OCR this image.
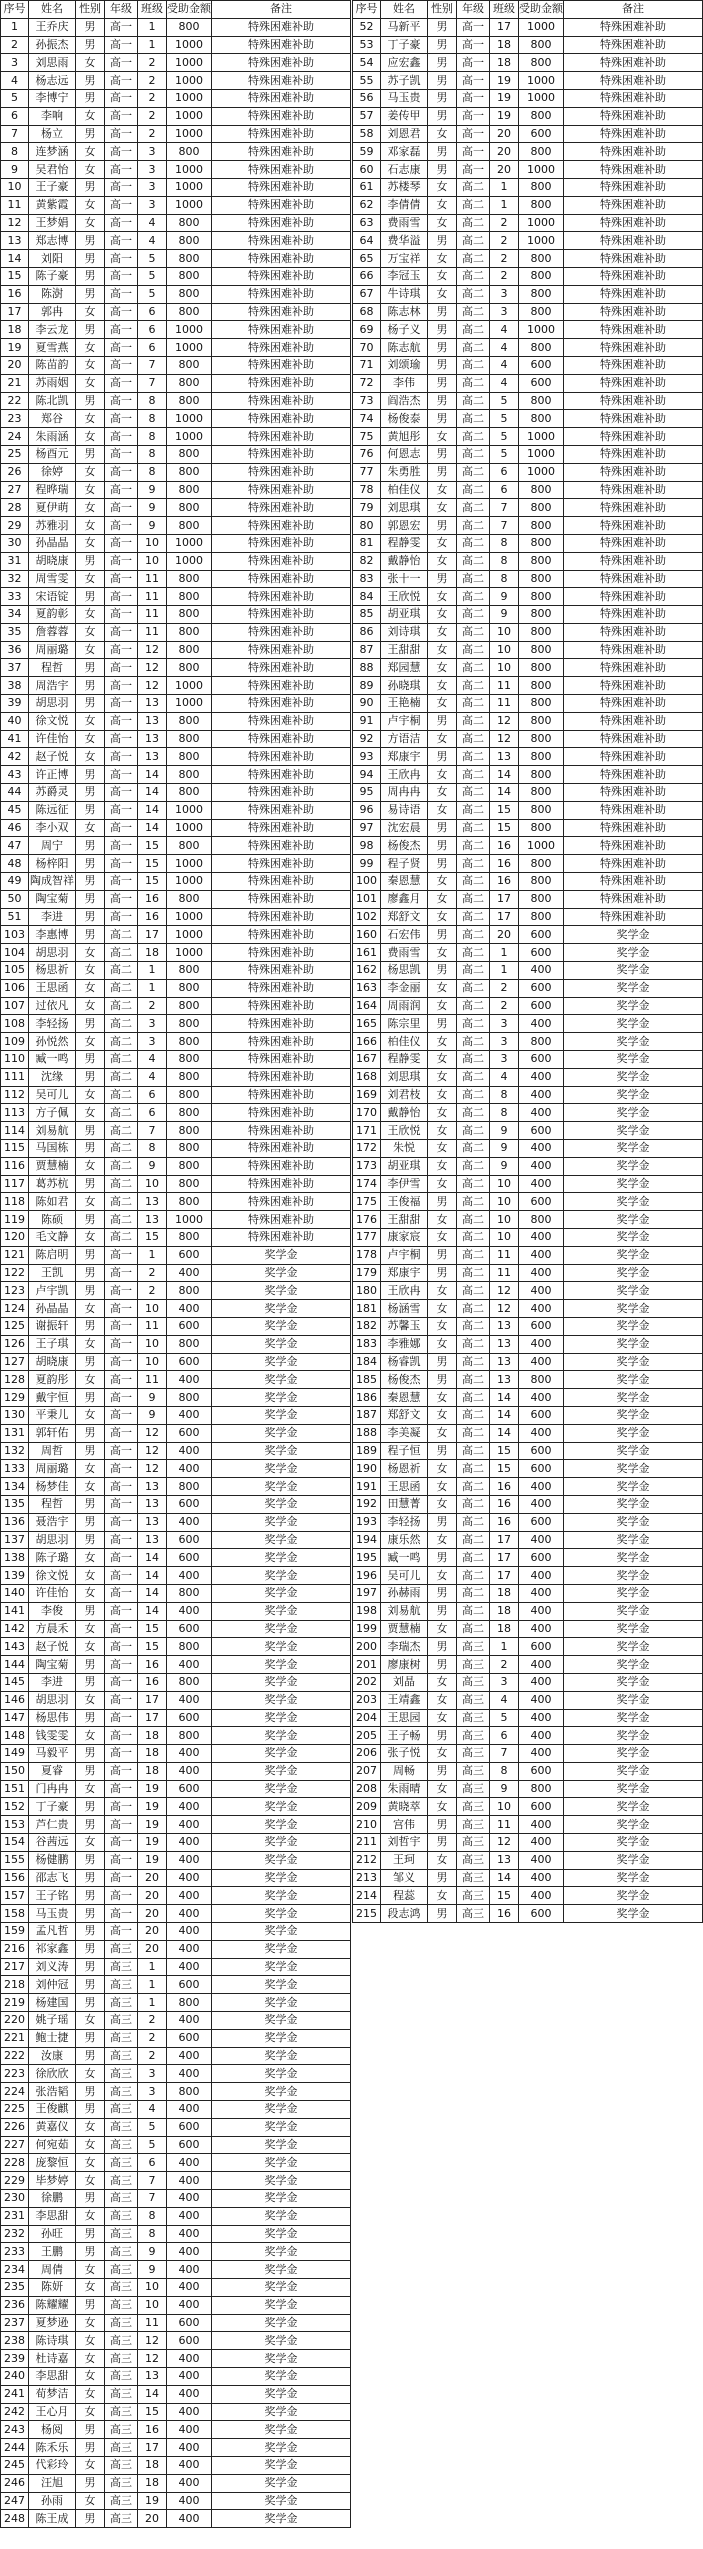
序号	姓名	性别	年级	班级	受助金额	备注
1	王乔庆	男	高一	1	800	特殊困难补助
2	孙振杰	男	高一	1	1000	特殊困难补助
3	刘思雨	女	高一	2	1000	特殊困难补助
4	杨志远	男	高一	2	1000	特殊困难补助
5	李博宁	男	高一	2	1000	特殊困难补助
6	李响	女	高一	2	1000	特殊困难补助
7	杨立	男	高一	2	1000	特殊困难补助
8	连梦涵	女	高一	3	800	特殊困难补助
9	吴君怡	女	高一	3	1000	特殊困难补助
10	王子豪	男	高一	3	1000	特殊困难补助
11	黄紫霞	女	高一	3	1000	特殊困难补助
12	王梦娟	女	高一	4	800	特殊困难补助
13	郑志博	男	高一	4	800	特殊困难补助
14	刘阳	男	高一	5	800	特殊困难补助
15	陈子豪	男	高一	5	800	特殊困难补助
16	陈澍	男	高一	5	800	特殊困难补助
17	郭冉	女	高一	6	800	特殊困难补助
18	李云龙	男	高一	6	1000	特殊困难补助
19	夏雪燕	女	高一	6	1000	特殊困难补助
20	陈苗韵	女	高一	7	800	特殊困难补助
21	苏雨姻	女	高一	7	800	特殊困难补助
22	陈北凯	男	高一	8	800	特殊困难补助
23	郑谷	女	高一	8	1000	特殊困难补助
24	朱雨涵	女	高一	8	1000	特殊困难补助
25	杨酉元	男	高一	8	800	特殊困难补助
26	徐婷	女	高一	8	800	特殊困难补助
27	程晔瑞	女	高一	9	800	特殊困难补助
28	夏伊萌	女	高一	9	800	特殊困难补助
29	苏雅羽	女	高一	9	800	特殊困难补助
30	孙晶晶	女	高一	10	1000	特殊困难补助
31	胡晓康	男	高一	10	1000	特殊困难补助
32	周雪雯	女	高一	11	800	特殊困难补助
33	宋语锭	男	高一	11	800	特殊困难补助
34	夏韵彰	女	高一	11	800	特殊困难补助
35	詹蓉蓉	女	高一	11	800	特殊困难补助
36	周丽璐	女	高一	12	800	特殊困难补助
37	程哲	男	高一	12	800	特殊困难补助
38	周浩宇	男	高一	12	1000	特殊困难补助
39	胡思羽	男	高一	13	1000	特殊困难补助
40	徐文悦	女	高一	13	800	特殊困难补助
41	许佳怡	女	高一	13	800	特殊困难补助
42	赵子悦	女	高一	13	800	特殊困难补助
43	许正博	男	高一	14	800	特殊困难补助
44	苏爵灵	男	高一	14	800	特殊困难补助
45	陈远征	男	高一	14	1000	特殊困难补助
46	李小双	女	高一	14	1000	特殊困难补助
47	周宁	男	高一	15	800	特殊困难补助
48	杨梓阳	男	高一	15	1000	特殊困难补助
49	陶成智祥	男	高一	15	1000	特殊困难补助
50	陶宝菊	男	高一	16	800	特殊困难补助
51	李进	男	高一	16	1000	特殊困难补助
103	李惠博	男	高二	17	1000	特殊困难补助
104	胡思羽	女	高二	18	1000	特殊困难补助
105	杨思祈	女	高二	1	800	特殊困难补助
106	王思函	女	高二	1	800	特殊困难补助
107	过依凡	女	高二	2	800	特殊困难补助
108	李轻扬	男	高二	3	800	特殊困难补助
109	孙悦然	女	高二	3	800	特殊困难补助
110	臧一鸣	男	高二	4	800	特殊困难补助
111	沈缘	男	高二	4	800	特殊困难补助
112	吴可儿	女	高二	6	800	特殊困难补助
113	方子佩	女	高二	6	800	特殊困难补助
114	刘易航	男	高二	7	800	特殊困难补助
115	马国栋	男	高二	8	800	特殊困难补助
116	贾慧楠	女	高二	9	800	特殊困难补助
117	葛苏杭	男	高二	10	800	特殊困难补助
118	陈如君	女	高二	13	800	特殊困难补助
119	陈硕	男	高二	13	1000	特殊困难补助
120	毛文静	女	高二	15	800	特殊困难补助
121	陈启明	男	高一	1	600	奖学金
122	王凯	男	高一	2	400	奖学金
123	卢宇凯	男	高一	2	800	奖学金
124	孙晶晶	女	高一	10	400	奖学金
125	谢振轩	男	高一	11	600	奖学金
126	王子琪	女	高一	10	800	奖学金
127	胡晓康	男	高一	10	600	奖学金
128	夏韵彤	女	高一	11	400	奖学金
129	戴宇恒	男	高一	9	800	奖学金
130	平秉儿	女	高一	9	400	奖学金
131	郭轩佑	男	高一	12	600	奖学金
132	周哲	男	高一	12	400	奖学金
133	周丽璐	女	高一	12	400	奖学金
134	杨梦佳	女	高一	13	800	奖学金
135	程哲	男	高一	13	600	奖学金
136	聂浩宇	男	高一	13	400	奖学金
137	胡思羽	男	高一	13	600	奖学金
138	陈子璐	女	高一	14	600	奖学金
139	徐文悦	女	高一	14	400	奖学金
140	许佳怡	女	高一	14	800	奖学金
141	李俊	男	高一	14	400	奖学金
142	方晨禾	女	高一	15	600	奖学金
143	赵子悦	女	高一	15	800	奖学金
144	陶宝菊	男	高一	16	400	奖学金
145	李进	男	高一	16	800	奖学金
146	胡思羽	女	高一	17	400	奖学金
147	杨思伟	男	高一	17	600	奖学金
148	钱雯雯	女	高一	18	800	奖学金
149	马毅平	男	高一	18	400	奖学金
150	夏睿	男	高一	18	400	奖学金
151	门冉冉	女	高一	19	600	奖学金
152	丁子豪	男	高一	19	400	奖学金
153	芦仁贵	男	高一	19	400	奖学金
154	谷茜远	女	高一	19	400	奖学金
155	杨健鹏	男	高一	19	400	奖学金
156	邵志飞	男	高一	20	400	奖学金
157	王子铭	男	高一	20	400	奖学金
158	马玉贵	男	高一	20	400	奖学金
159	孟凡哲	男	高一	20	400	奖学金
216	祁家鑫	男	高三	20	400	奖学金
217	刘义涛	男	高三	1	400	奖学金
218	刘仲冠	男	高三	1	600	奖学金
219	杨建国	男	高三	1	800	奖学金
220	姚子瑶	女	高三	2	400	奖学金
221	鲍士捷	男	高三	2	600	奖学金
222	汝康	男	高三	2	400	奖学金
223	徐欣欣	女	高三	3	400	奖学金
224	张浩韬	男	高三	3	800	奖学金
225	王俊麒	男	高三	4	400	奖学金
226	黄嘉仪	女	高三	5	600	奖学金
227	何宛茹	女	高三	5	600	奖学金
228	庞黎恒	女	高三	6	400	奖学金
229	毕梦婷	女	高三	7	400	奖学金
230	徐鹏	男	高三	7	400	奖学金
231	李思甜	女	高三	8	400	奖学金
232	孙旺	男	高三	8	400	奖学金
233	王鹏	男	高三	9	400	奖学金
234	周倩	女	高三	9	400	奖学金
235	陈妍	女	高三	10	400	奖学金
236	陈耀耀	男	高三	10	400	奖学金
237	夏梦逊	女	高三	11	600	奖学金
238	陈诗琪	女	高三	12	600	奖学金
239	杜诗嘉	女	高三	12	400	奖学金
240	李思甜	女	高三	13	400	奖学金
241	荀梦洁	女	高三	14	400	奖学金
242	王心月	女	高三	15	400	奖学金
243	杨阅	男	高三	16	400	奖学金
244	陈禾乐	男	高三	17	400	奖学金
245	代彩玲	女	高三	18	400	奖学金
246	汪旭	男	高三	18	400	奖学金
247	孙雨	女	高三	19	400	奖学金
248	陈王成	男	高三	20	400	奖学金
序号	姓名	性别	年级	班级	受助金额	备注
52	马新平	男	高一	17	1000	特殊困难补助
53	丁子豪	男	高一	18	800	特殊困难补助
54	应宏鑫	男	高一	18	800	特殊困难补助
55	苏子凯	男	高一	19	1000	特殊困难补助
56	马玉贵	男	高一	19	1000	特殊困难补助
57	姜传甲	男	高一	19	800	特殊困难补助
58	刘恩君	女	高一	20	600	特殊困难补助
59	邓家磊	男	高一	20	800	特殊困难补助
60	石志康	男	高一	20	1000	特殊困难补助
61	苏楼琴	女	高二	1	800	特殊困难补助
62	李倩倩	女	高二	1	800	特殊困难补助
63	费雨雪	女	高二	2	1000	特殊困难补助
64	费华溢	男	高二	2	1000	特殊困难补助
65	万宝祥	女	高二	2	800	特殊困难补助
66	李冠玉	女	高二	2	800	特殊困难补助
67	牛诗琪	女	高二	3	800	特殊困难补助
68	陈志林	男	高二	3	800	特殊困难补助
69	杨子义	男	高二	4	1000	特殊困难补助
70	陈志航	男	高二	4	800	特殊困难补助
71	刘颂瑜	男	高二	4	600	特殊困难补助
72	李伟	男	高二	4	600	特殊困难补助
73	阎浩杰	男	高二	5	800	特殊困难补助
74	杨俊泰	男	高二	5	800	特殊困难补助
75	黄旭彤	女	高二	5	1000	特殊困难补助
76	何恩志	男	高二	5	1000	特殊困难补助
77	朱勇胜	男	高二	6	1000	特殊困难补助
78	柏佳仪	女	高二	6	800	特殊困难补助
79	刘思琪	女	高二	7	800	特殊困难补助
80	郭恩宏	男	高二	7	800	特殊困难补助
81	程静雯	女	高二	8	800	特殊困难补助
82	戴静怡	女	高二	8	800	特殊困难补助
83	张十一	男	高二	8	800	特殊困难补助
84	王欣悦	女	高二	9	800	特殊困难补助
85	胡亚琪	女	高二	9	800	特殊困难补助
86	刘诗琪	女	高二	10	800	特殊困难补助
87	王甜甜	女	高二	10	800	特殊困难补助
88	郑园慧	女	高二	10	800	特殊困难补助
89	孙晓琪	女	高二	11	800	特殊困难补助
90	王艳楠	女	高二	11	800	特殊困难补助
91	卢宇桐	男	高二	12	800	特殊困难补助
92	方语洁	女	高二	12	800	特殊困难补助
93	郑康宇	男	高二	13	800	特殊困难补助
94	王欣冉	女	高二	14	800	特殊困难补助
95	周冉冉	女	高二	14	800	特殊困难补助
96	易诗语	女	高二	15	800	特殊困难补助
97	沈宏晨	男	高二	15	800	特殊困难补助
98	杨俊杰	男	高二	16	1000	特殊困难补助
99	程子贤	男	高二	16	800	特殊困难补助
100	秦恩慧	女	高二	16	800	特殊困难补助
101	廖鑫月	女	高二	17	800	特殊困难补助
102	郑舒文	女	高二	17	800	特殊困难补助
160	石宏伟	男	高二	20	600	奖学金
161	费雨雪	女	高二	1	600	奖学金
162	杨思凯	男	高二	1	400	奖学金
163	李金丽	女	高二	2	600	奖学金
164	周雨润	女	高二	2	600	奖学金
165	陈宗里	男	高二	3	400	奖学金
166	柏佳仪	女	高二	3	800	奖学金
167	程静雯	女	高二	3	600	奖学金
168	刘思琪	女	高二	4	400	奖学金
169	刘君枝	女	高二	8	400	奖学金
170	戴静怡	女	高二	8	400	奖学金
171	王欣悦	女	高二	9	600	奖学金
172	朱悦	女	高二	9	400	奖学金
173	胡亚琪	女	高二	9	400	奖学金
174	李伊雪	女	高二	10	400	奖学金
175	王俊福	男	高二	10	600	奖学金
176	王甜甜	女	高二	10	800	奖学金
177	康家宸	女	高二	10	400	奖学金
178	卢宇桐	男	高二	11	400	奖学金
179	郑康宇	男	高二	11	400	奖学金
180	王欣冉	女	高二	12	400	奖学金
181	杨涵雪	女	高二	12	400	奖学金
182	苏馨玉	女	高二	13	600	奖学金
183	李雅娜	女	高二	13	400	奖学金
184	杨睿凯	男	高二	13	400	奖学金
185	杨俊杰	男	高二	13	800	奖学金
186	秦恩慧	女	高二	14	400	奖学金
187	郑舒文	女	高二	14	600	奖学金
188	李美凝	女	高二	14	400	奖学金
189	程子恒	男	高二	15	600	奖学金
190	杨恩祈	女	高二	15	600	奖学金
191	王思函	女	高二	16	400	奖学金
192	田慧菁	女	高二	16	400	奖学金
193	李轻扬	男	高二	16	600	奖学金
194	康乐然	女	高二	17	400	奖学金
195	臧一鸣	男	高二	17	600	奖学金
196	吴可儿	女	高二	17	400	奖学金
197	孙赫雨	男	高二	18	400	奖学金
198	刘易航	男	高二	18	400	奖学金
199	贾慧楠	女	高二	18	400	奖学金
200	李瑞杰	男	高三	1	600	奖学金
201	廖康树	男	高三	2	400	奖学金
202	刘晶	女	高三	3	400	奖学金
203	王靖鑫	女	高三	4	400	奖学金
204	王思园	女	高三	5	400	奖学金
205	王子畅	男	高三	6	400	奖学金
206	张子悦	女	高三	7	400	奖学金
207	周畅	男	高三	8	600	奖学金
208	朱雨晴	女	高三	9	800	奖学金
209	黄晓萃	女	高三	10	600	奖学金
210	宫伟	男	高三	11	400	奖学金
211	刘哲宇	男	高三	12	400	奖学金
212	王珂	女	高三	13	400	奖学金
213	邹义	男	高三	14	400	奖学金
214	程蕊	女	高三	15	400	奖学金
215	段志鸿	男	高三	16	600	奖学金
